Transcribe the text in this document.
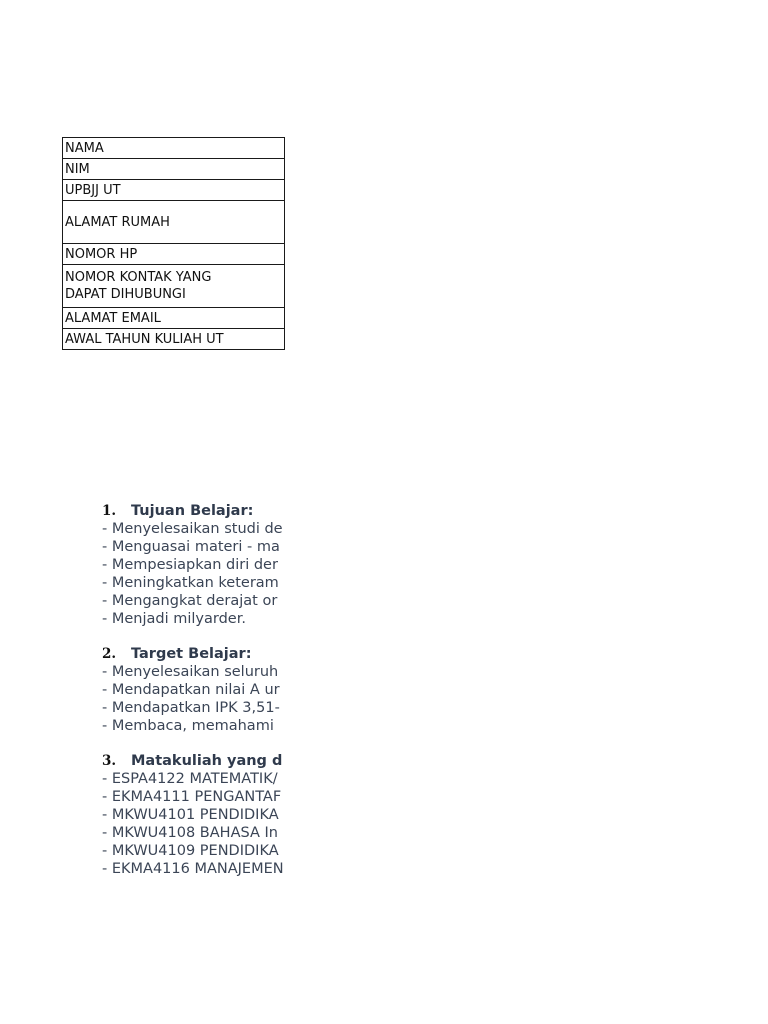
NAMA
NIM
UPBJJ UT
ALAMAT RUMAH
NOMOR HP
NOMOR KONTAK YANG
DAPAT DIHUBUNGI
ALAMAT EMAIL
AWAL TAHUN KULIAH UT
1.	Tujuan Belajar:
- Menyelesaikan studi de
- Menguasai materi - ma
- Mempesiapkan diri der
- Meningkatkan keteram
- Mengangkat derajat or
- Menjadi milyarder.
2.	Target Belajar:
- Menyelesaikan seluruh
- Mendapatkan nilai A ur
- Mendapatkan IPK 3,51-
- Membaca, memahami
3.	Matakuliah yang d
- ESPA4122 MATEMATIK/
- EKMA4111 PENGANTAF
- MKWU4101 PENDIDIKA
- MKWU4108 BAHASA In
- MKWU4109 PENDIDIKA
- EKMA4116 MANAJEMEN
